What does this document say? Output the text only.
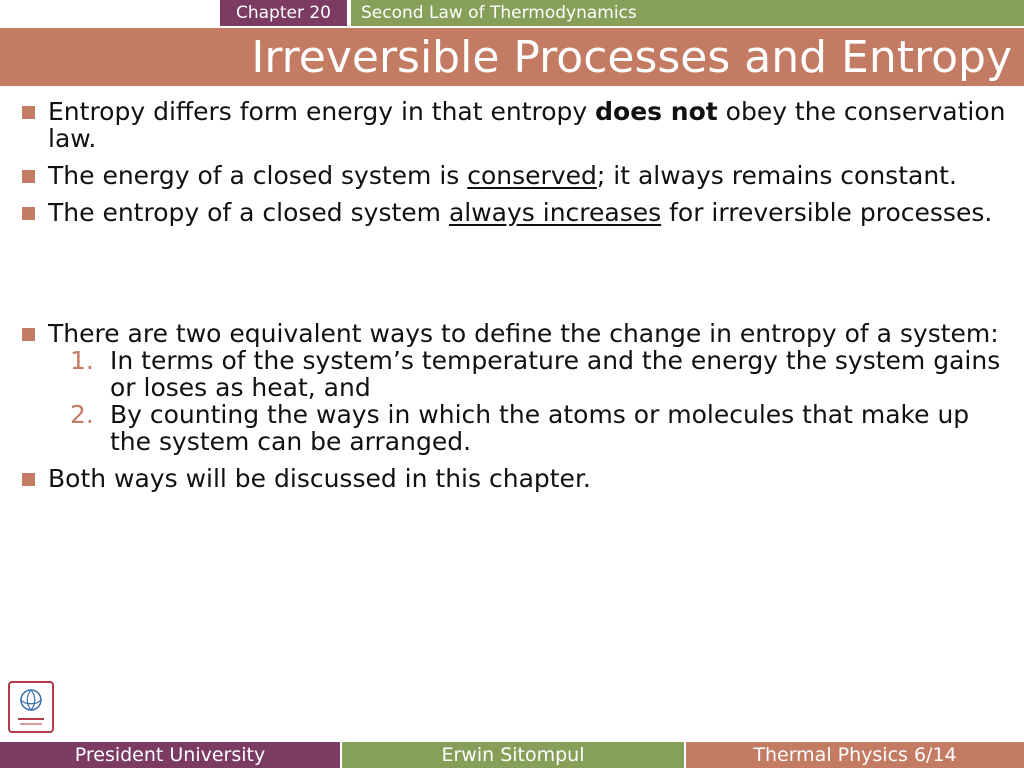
Chapter 20	Second Law of Thermodynamics
Irreversible Processes and Entropy
Entropy differs form energy in that entropy does not obey the conservation law.
The energy of a closed system is conserved; it always remains constant.
The entropy of a closed system always increases for irreversible processes.
There are two equivalent ways to define the change in entropy of a system:
1. In terms of the system’s temperature and the energy the system gains or loses as heat, and
2. By counting the ways in which the atoms or molecules that make up the system can be arranged.
Both ways will be discussed in this chapter.
President University	Erwin Sitompul	Thermal Physics 6/14
